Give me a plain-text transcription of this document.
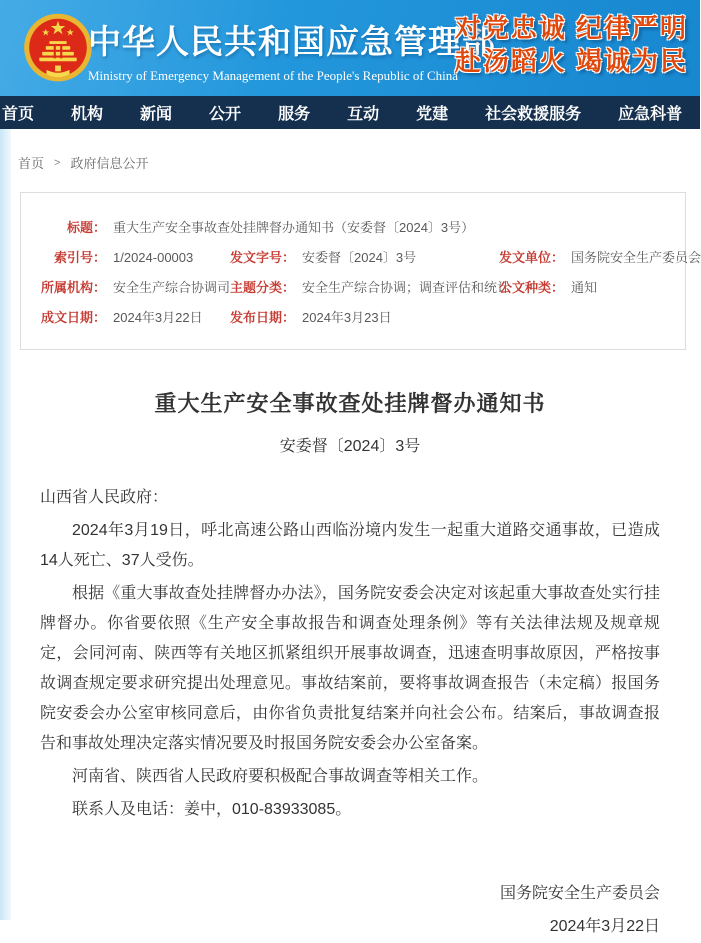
中华人民共和国应急管理部
Ministry of Emergency Management of the People's Republic of China
对党忠诚 纪律严明
赴汤蹈火 竭诚为民
首页 机构 新闻 公开 服务 互动 党建 社会救援服务 应急科普
首页 > 政府信息公开
标题： 重大生产安全事故查处挂牌督办通知书（安委督〔2024〕3号）
索引号： 1/2024-00003	发文字号： 安委督〔2024〕3号	发文单位： 国务院安全生产委员会
所属机构： 安全生产综合协调司 主题分类： 安全生产综合协调；调查评估和统计
公文种类： 通知
成文日期： 2024年3月22日 发布日期： 2024年3月23日
重大生产安全事故查处挂牌督办通知书
安委督〔2024〕3号

山西省人民政府：

2024年3月19日，呼北高速公路山西临汾境内发生一起重大道路交通事故，已造成14人死亡、37人受伤。

根据《重大事故查处挂牌督办办法》，国务院安委会决定对该起重大事故查处实行挂牌督办。你省要依照《生产安全事故报告和调查处理条例》等有关法律法规及规章规定，会同河南、陕西等有关地区抓紧组织开展事故调查，迅速查明事故原因，严格按事故调查规定要求研究提出处理意见。事故结案前，要将事故调查报告（未定稿）报国务院安委会办公室审核同意后，由你省负责批复结案并向社会公布。结案后，事故调查报告和事故处理决定落实情况要及时报国务院安委会办公室备案。

河南省、陕西省人民政府要积极配合事故调查等相关工作。

联系人及电话：姜中，010-83933085。

国务院安全生产委员会
2024年3月22日
